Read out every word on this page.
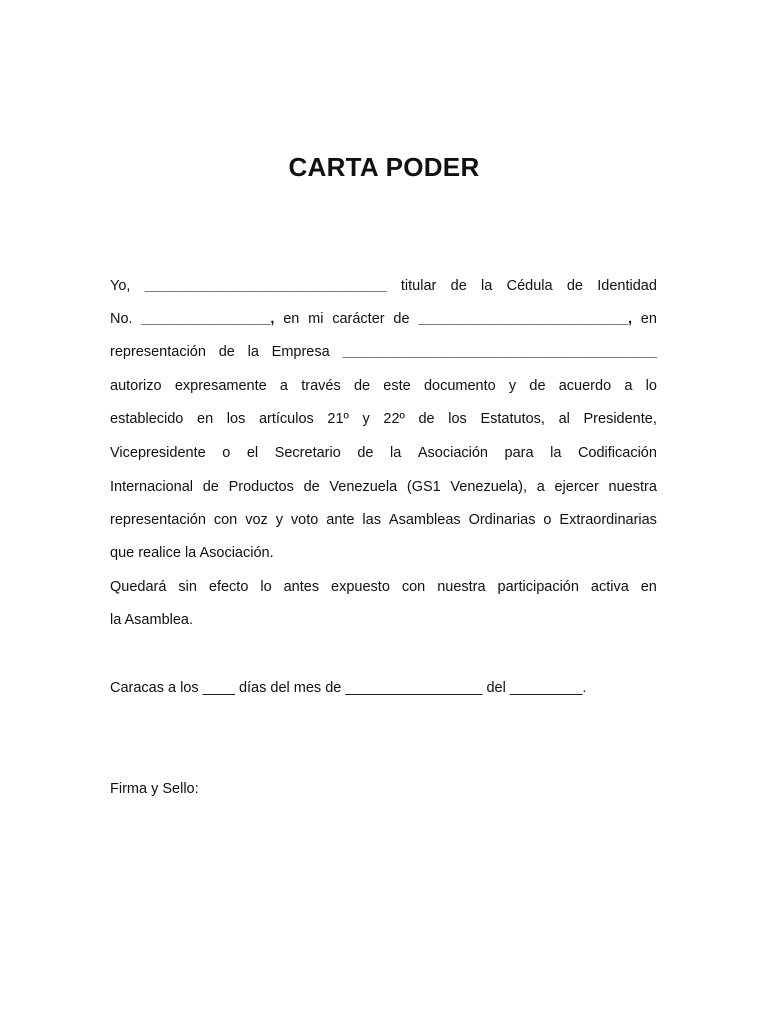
CARTA PODER
Yo, ______________________________ titular de la Cédula de Identidad
No. ________________, en mi carácter de __________________________, en
representación de la Empresa _______________________________________
autorizo expresamente a través de este documento y de acuerdo a lo
establecido en los artículos 21º y 22º de los Estatutos, al Presidente,
Vicepresidente o el Secretario de la Asociación para la Codificación
Internacional de Productos de Venezuela (GS1 Venezuela), a ejercer nuestra
representación con voz y voto ante las Asambleas Ordinarias o Extraordinarias
que realice la Asociación.
Quedará sin efecto lo antes expuesto con nuestra participación activa en
la Asamblea.
Caracas a los ____ días del mes de _________________ del _________.
Firma y Sello:
